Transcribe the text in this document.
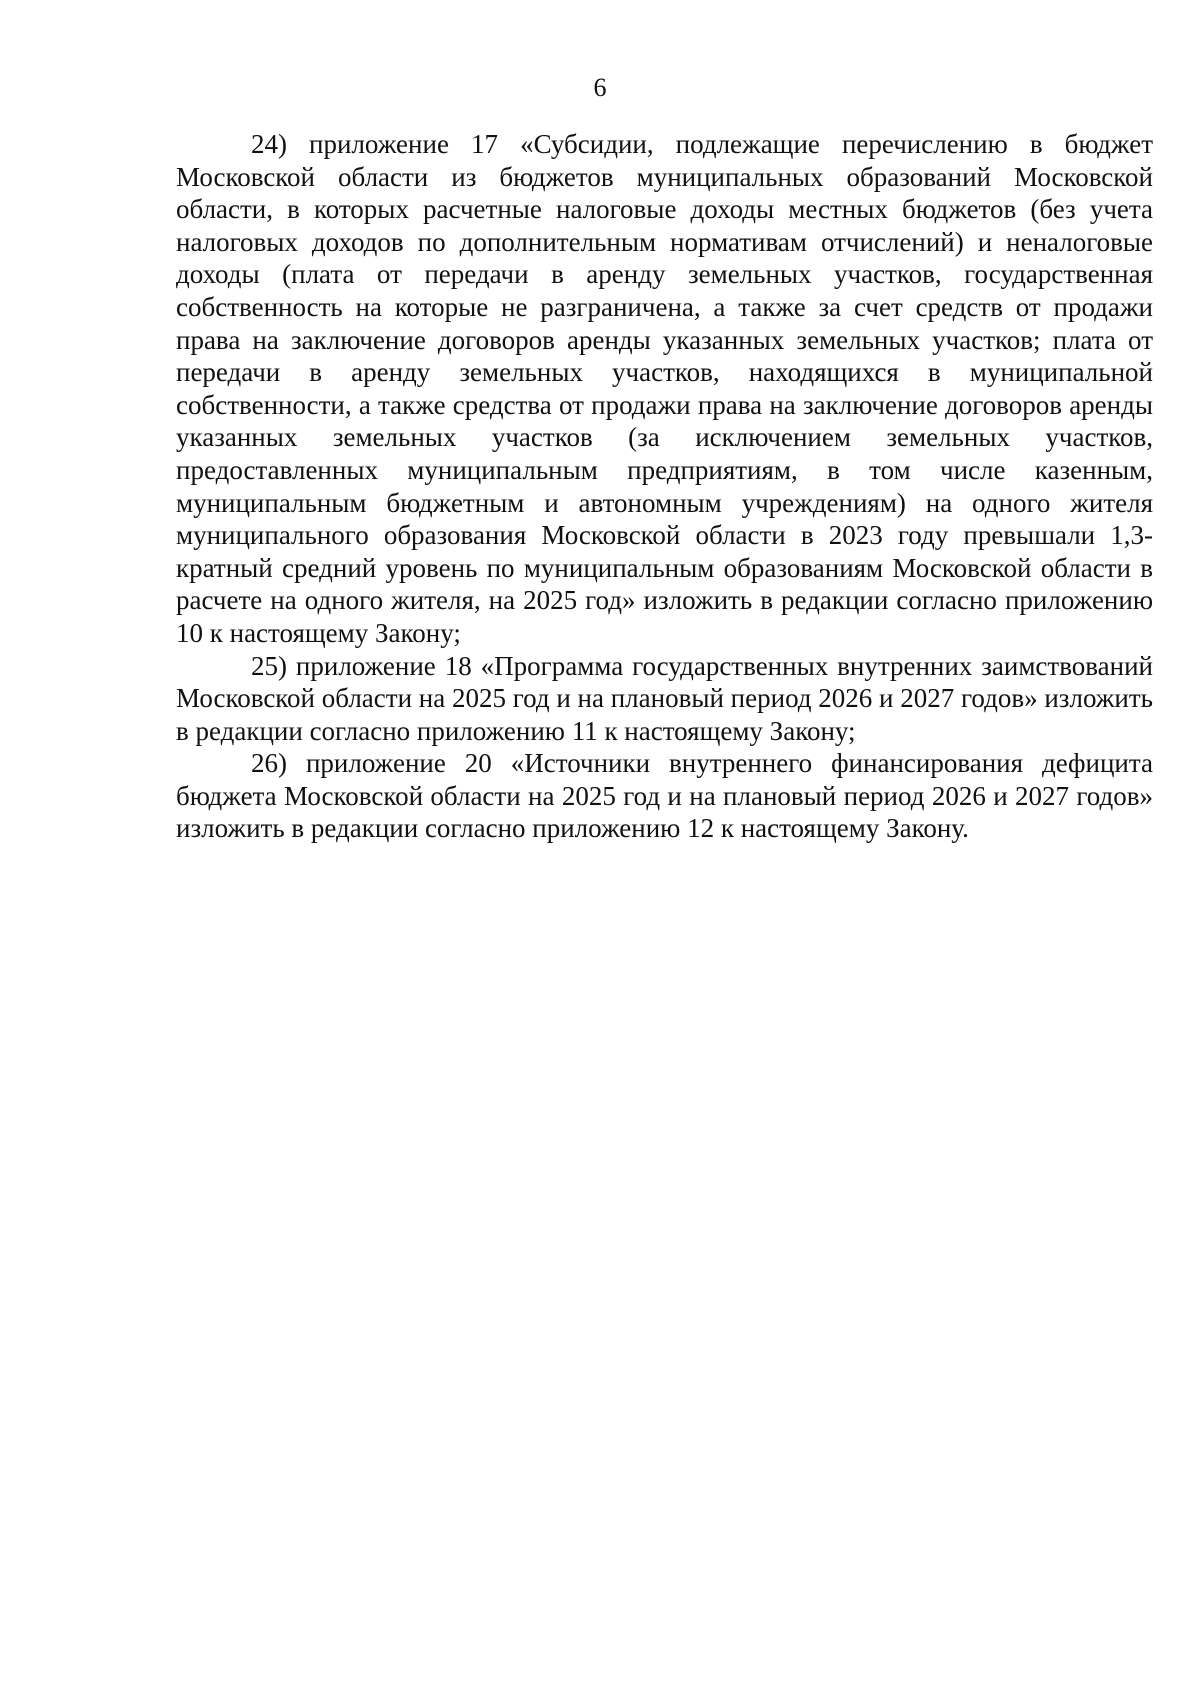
6

24) приложение 17 «Субсидии, подлежащие перечислению в бюджет Московской области из бюджетов муниципальных образований Московской области, в которых расчетные налоговые доходы местных бюджетов (без учета налоговых доходов по дополнительным нормативам отчислений) и неналоговые доходы (плата от передачи в аренду земельных участков, государственная собственность на которые не разграничена, а также за счет средств от продажи права на заключение договоров аренды указанных земельных участков; плата от передачи в аренду земельных участков, находящихся в муниципальной собственности, а также средства от продажи права на заключение договоров аренды указанных земельных участков (за исключением земельных участков, предоставленных муниципальным предприятиям, в том числе казенным, муниципальным бюджетным и автономным учреждениям) на одного жителя муниципального образования Московской области в 2023 году превышали 1,3-кратный средний уровень по муниципальным образованиям Московской области в расчете на одного жителя, на 2025 год» изложить в редакции согласно приложению 10 к настоящему Закону;

25) приложение 18 «Программа государственных внутренних заимствований Московской области на 2025 год и на плановый период 2026 и 2027 годов» изложить в редакции согласно приложению 11 к настоящему Закону;

26) приложение 20 «Источники внутреннего финансирования дефицита бюджета Московской области на 2025 год и на плановый период 2026 и 2027 годов» изложить в редакции согласно приложению 12 к настоящему Закону.
